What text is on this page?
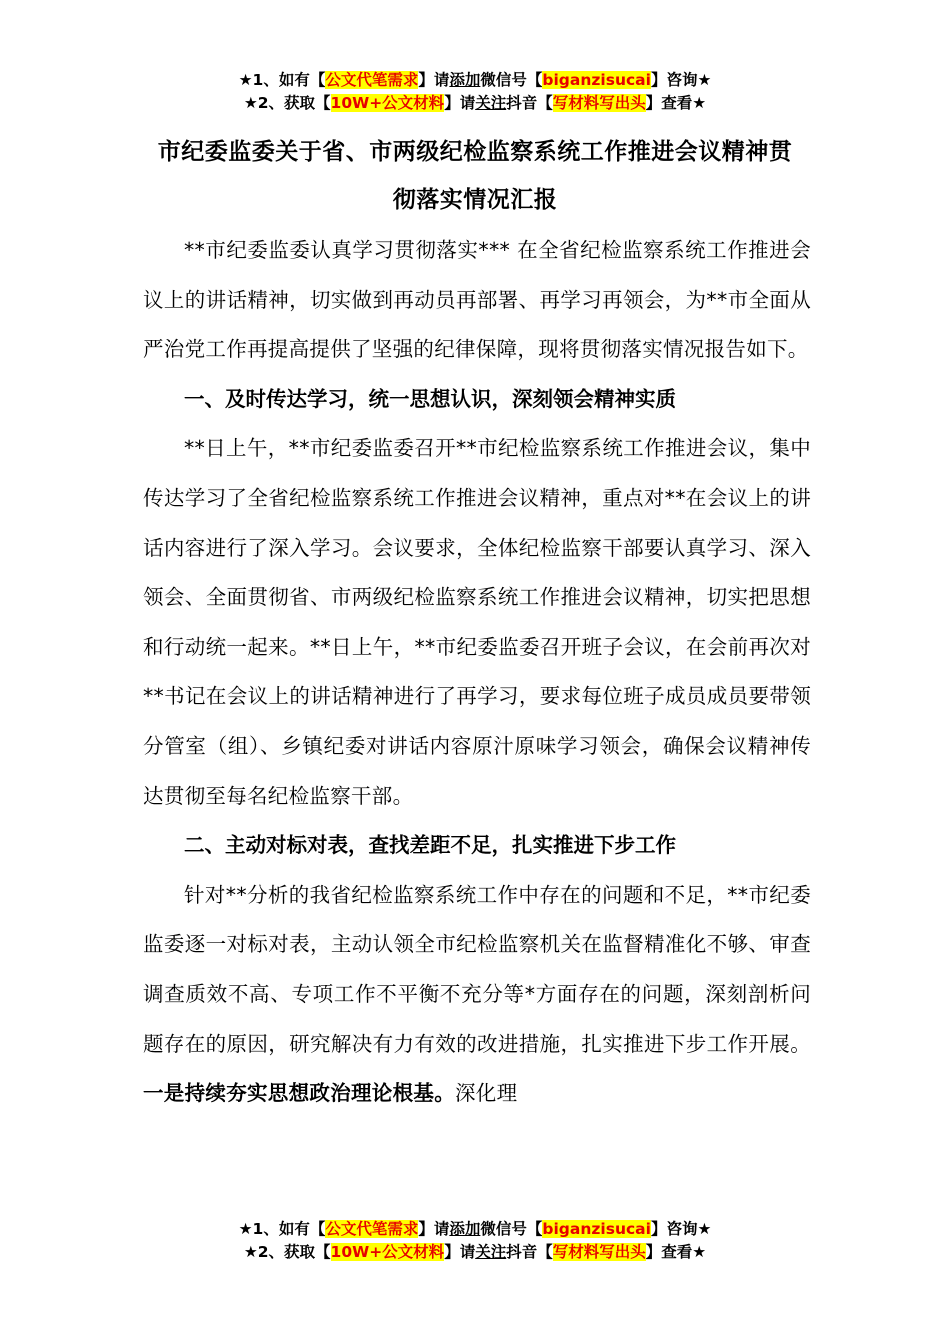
★1、如有【公文代笔需求】请添加微信号【biganzisucai】咨询★
★2、获取【10W+公文材料】请关注抖音【写材料写出头】查看★
市纪委监委关于省、市两级纪检监察系统工作推进会议精神贯彻落实情况汇报

**市纪委监委认真学习贯彻落实*** 在全省纪检监察系统工作推进会议上的讲话精神，切实做到再动员再部署、再学习再领会，为**市全面从严治党工作再提高提供了坚强的纪律保障，现将贯彻落实情况报告如下。

一、及时传达学习，统一思想认识，深刻领会精神实质

**日上午，**市纪委监委召开**市纪检监察系统工作推进会议，集中传达学习了全省纪检监察系统工作推进会议精神，重点对**在会议上的讲话内容进行了深入学习。会议要求，全体纪检监察干部要认真学习、深入领会、全面贯彻省、市两级纪检监察系统工作推进会议精神，切实把思想和行动统一起来。**日上午，**市纪委监委召开班子会议，在会前再次对**书记在会议上的讲话精神进行了再学习，要求每位班子成员成员要带领分管室（组）、乡镇纪委对讲话内容原汁原味学习领会，确保会议精神传达贯彻至每名纪检监察干部。

二、主动对标对表，查找差距不足，扎实推进下步工作

针对**分析的我省纪检监察系统工作中存在的问题和不足，**市纪委监委逐一对标对表，主动认领全市纪检监察机关在监督精准化不够、审查调查质效不高、专项工作不平衡不充分等*方面存在的问题，深刻剖析问题存在的原因，研究解决有力有效的改进措施，扎实推进下步工作开展。一是持续夯实思想政治理论根基。深化理

★1、如有【公文代笔需求】请添加微信号【biganzisucai】咨询★
★2、获取【10W+公文材料】请关注抖音【写材料写出头】查看★
